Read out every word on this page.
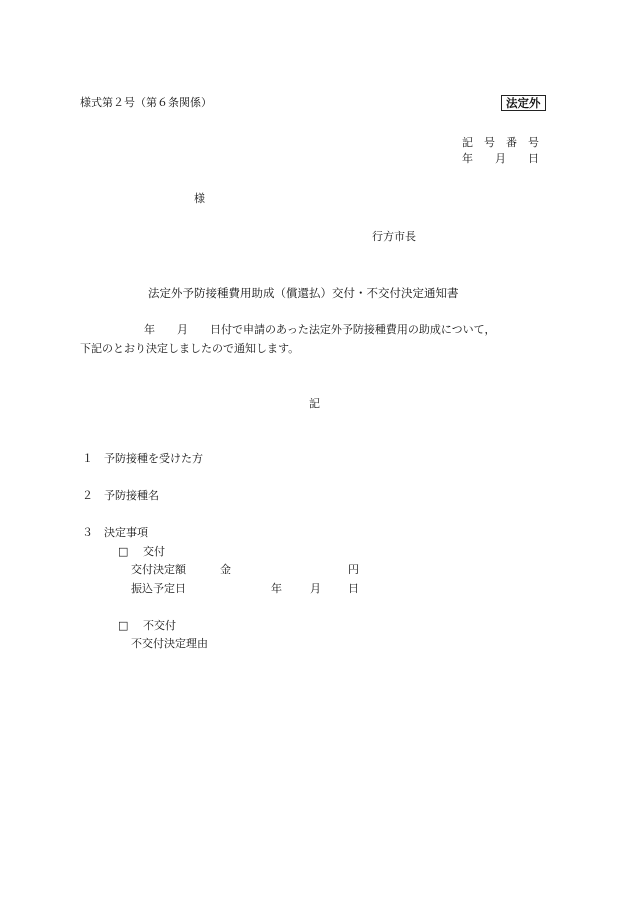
様式第２号（第６条関係）	法定外
記　号　番　号
年　　月　　日
様
行方市長
法定外予防接種費用助成（償還払）交付・不交付決定通知書
年　　月　　日付で申請のあった法定外予防接種費用の助成について，
下記のとおり決定しましたので通知します。
記
１　予防接種を受けた方
２　予防接種名
３　決定事項
□ 交付
交付決定額	金	円
振込予定日	年	月 日
□ 不交付
不交付決定理由
